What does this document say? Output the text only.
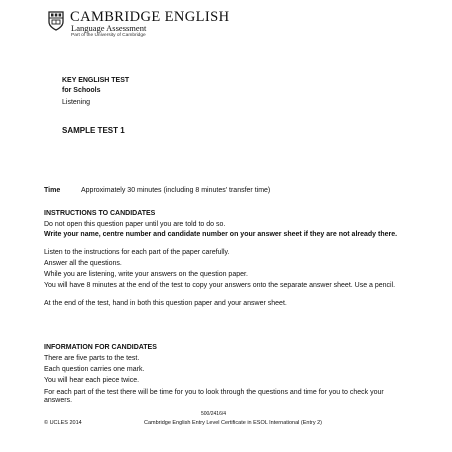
CAMBRIDGE ENGLISH
Language Assessment
Part of the University of Cambridge
KEY ENGLISH TEST
for Schools
Listening
SAMPLE TEST 1
Time	Approximately 30 minutes (including 8 minutes' transfer time)
INSTRUCTIONS TO CANDIDATES
Do not open this question paper until you are told to do so.
Write your name, centre number and candidate number on your answer sheet if they are not already there.
Listen to the instructions for each part of the paper carefully.
Answer all the questions.
While you are listening, write your answers on the question paper.
You will have 8 minutes at the end of the test to copy your answers onto the separate answer sheet. Use a pencil.
At the end of the test, hand in both this question paper and your answer sheet.
INFORMATION FOR CANDIDATES
There are five parts to the test.
Each question carries one mark.
You will hear each piece twice.
For each part of the test there will be time for you to look through the questions and time for you to check your answers.
500/2416/4
© UCLES 2014	Cambridge English Entry Level Certificate in ESOL International (Entry 2)
